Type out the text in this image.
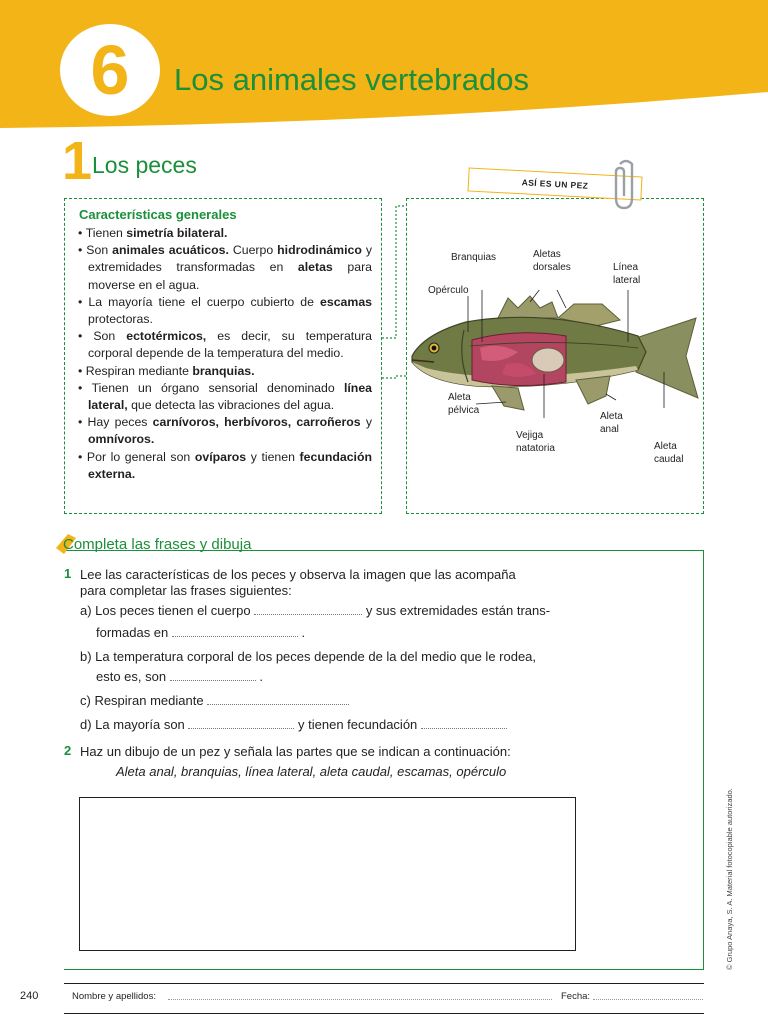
6 Los animales vertebrados
1 Los peces
Características generales
• Tienen simetría bilateral.
• Son animales acuáticos. Cuerpo hidrodinámico y extremidades transformadas en aletas para moverse en el agua.
• La mayoría tiene el cuerpo cubierto de escamas protectoras.
• Son ectotérmicos, es decir, su temperatura corporal depende de la temperatura del medio.
• Respiran mediante branquias.
• Tienen un órgano sensorial denominado línea lateral, que detecta las vibraciones del agua.
• Hay peces carnívoros, herbívoros, carroñeros y omnívoros.
• Por lo general son ovíparos y tienen fecundación externa.
ASÍ ES UN PEZ
Branquias	Aletas
dorsales	Línea
lateral
Opérculo
Aleta
pélvica
Vejiga
natatoria
Aleta
anal
Aleta
caudal
Completa las frases y dibuja
1 Lee las características de los peces y observa la imagen que las acompaña
para completar las frases siguientes:
a) Los peces tienen el cuerpo	y sus extremidades están trans-
formadas en	.
b) La temperatura corporal de los peces depende de la del medio que le rodea,
esto es, son	.
c) Respiran mediante
d) La mayoría son	y tienen fecundación
2 Haz un dibujo de un pez y señala las partes que se indican a continuación:
Aleta anal, branquias, línea lateral, aleta caudal, escamas, opérculo
240	Nombre y apellidos:	Fecha:
© Grupo Anaya, S. A. Material fotocopiable autorizado.
